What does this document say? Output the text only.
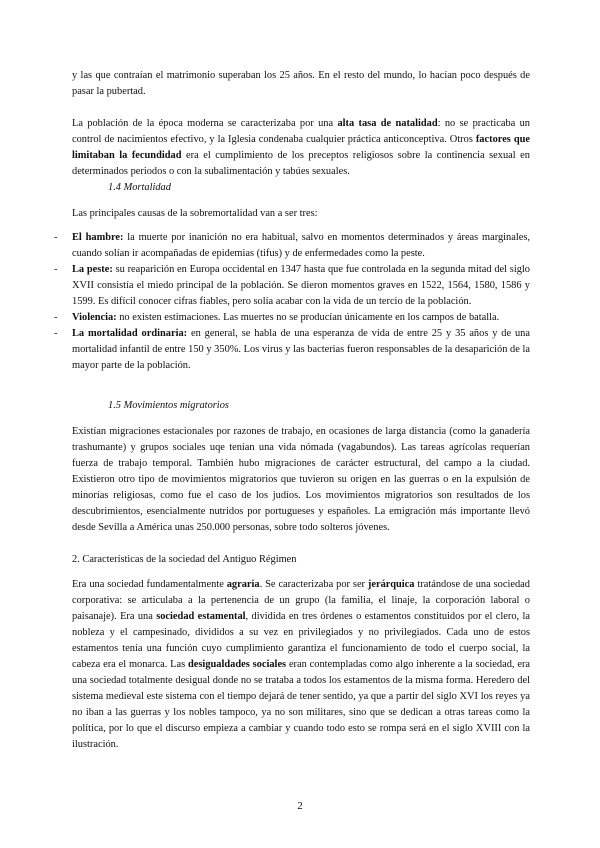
y las que contraían el matrimonio superaban los 25 años. En el resto del mundo, lo hacían poco después de pasar la pubertad.

La población de la época moderna se caracterizaba por una alta tasa de natalidad: no se practicaba un control de nacimientos efectivo, y la Iglesia condenaba cualquier práctica anticonceptiva. Otros factores que limitaban la fecundidad era el cumplimiento de los preceptos religiosos sobre la continencia sexual en determinados periodos o con la subalimentación y tabúes sexuales.

1.4 Mortalidad

Las principales causas de la sobremortalidad van a ser tres:

- El hambre: la muerte por inanición no era habitual, salvo en momentos determinados y áreas marginales, cuando solían ir acompañadas de epidemias (tifus) y de enfermedades como la peste.
- La peste: su reaparición en Europa occidental en 1347 hasta que fue controlada en la segunda mitad del siglo XVII consistía el miedo principal de la población. Se dieron momentos graves en 1522, 1564, 1580, 1586 y 1599. Es difícil conocer cifras fiables, pero solía acabar con la vida de un tercio de la población.
- Violencia: no existen estimaciones. Las muertes no se producían únicamente en los campos de batalla.
- La mortalidad ordinaria: en general, se habla de una esperanza de vida de entre 25 y 35 años y de una mortalidad infantil de entre 150 y 350%. Los virus y las bacterias fueron responsables de la desaparición de la mayor parte de la población.

1.5 Movimientos migratorios

Existían migraciones estacionales por razones de trabajo, en ocasiones de larga distancia (como la ganadería trashumante) y grupos sociales uqe tenían una vida nómada (vagabundos). Las tareas agrícolas requerían fuerza de trabajo temporal. También hubo migraciones de carácter estructural, del campo a la ciudad. Existieron otro tipo de movimientos migratorios que tuvieron su origen en las guerras o en la expulsión de minorías religiosas, como fue el caso de los judíos. Los movimientos migratorios son resultados de los descubrimientos, esencialmente nutridos por portugueses y españoles. La emigración más importante llevó desde Sevilla a América unas 250.000 personas, sobre todo solteros jóvenes.

2. Características de la sociedad del Antiguo Régimen

Era una sociedad fundamentalmente agraria. Se caracterizaba por ser jerárquica tratándose de una sociedad corporativa: se articulaba a la pertenencia de un grupo (la familia, el linaje, la corporación laboral o paisanaje). Era una sociedad estamental, dividida en tres órdenes o estamentos constituidos por el clero, la nobleza y el campesinado, divididos a su vez en privilegiados y no privilegiados. Cada uno de estos estamentos tenía una función cuyo cumplimiento garantiza el funcionamiento de todo el cuerpo social, la cabeza era el monarca. Las desigualdades sociales eran contempladas como algo inherente a la sociedad, era una sociedad totalmente desigual donde no se trataba a todos los estamentos de la misma forma. Heredero del sistema medieval este sistema con el tiempo dejará de tener sentido, ya que a partir del siglo XVI los reyes ya no iban a las guerras y los nobles tampoco, ya no son militares, sino que se dedican a otras tareas como la política, por lo que el discurso empieza a cambiar y cuando todo esto se rompa será en el siglo XVIII con la ilustración.

2
